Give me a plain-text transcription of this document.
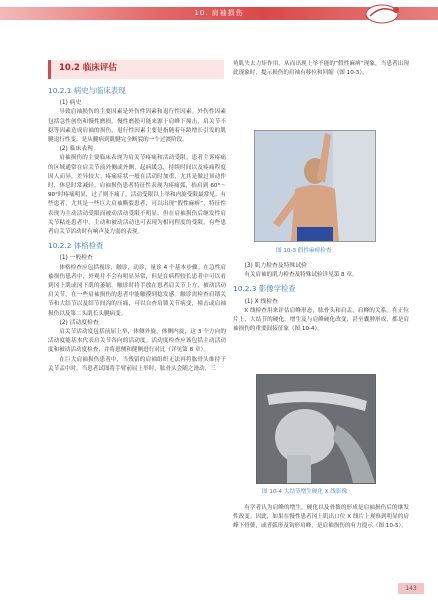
10. 肩袖损伤
10.2 临床评估

10.2.1 病史与临床表现

(1) 病史

导致肩袖损伤的主要因素是外伤性因素和退行性因素。外伤性因素包括急性创伤和慢性磨损。慢性磨损可能来源于肩峰下撞击，肩关节不稳等因素造成肩袖的损伤。退行性因素主要是指随着年龄增长引发的肌腱退行性变，是从腱病到肌腱完全断裂的一个过渡阶段。

(2) 临床表现

肩袖损伤的主要临床表现为肩关节疼痛和活动受限。患者主诉疼痛的区域通常在肩关节前外侧或外侧，起病缓急，持续时间以及疼痛程度因人而异，差异较大。疼痛症状一般在活动时加重，尤其是做过顶动作时，休息时常减轻。肩袖损伤患者特征性表现为疼痛弧，抬肩到 60°～90°时疼痛明显，过了则不痛了。活动受限以上举和内旋受限最常见。有些患者，尤其是一些巨大肩袖撕裂患者，可以出现“假性麻痹”，特征性表现为主动活动受限而被动活动受限不明显，但在肩袖损伤后继发性肩关节粘连患者中，主动和被动活动也可表现为相同程度的受限。有些患者肩关节活动时有响声及力弱的表现。

10.2.2 体格检查

(1) 一般检查

体格检查应包括视诊，触诊，动诊，量诊 4 个基本步骤。在急性肩袖损伤患者中，外观并不会有明显异常，但是在病程较长患者中可以看到冈上肌或冈下肌的萎缩。触诊时将手放在患者肩关节上方，被动活动肩关节，在一些肩袖损伤的患者中能触摸到捻发感。触诊需检查肩锁关节和大结节以及结节间沟的压痛，可以自查肩锁关节病变，撞击或肩袖损伤以及第二头肌长头腱病变。

(2) 活动度检查

肩关节活动度包括前屈上举，体侧外旋，体侧内旋，这 3 个方向的活动度能基本代表肩关节各向的活动度。活动度检查应该包括主动活动度和被动活动度检查，并将患侧和健侧进行对比（详见第 8 章）。

在巨大肩袖损伤患者中，当残留的肩袖组织无法再将肱骨头维持于关节盂中时，当患者试图将手臂前屈上举时，肱骨头会随之滑动，三

角肌失去力矩作用，从而出现上举不能的“假性麻痹”现象，当患者出现此现象时，提示损伤的肩袖有移位和回缩（图 10-3）。

图 10-3 假性麻痹检查

(3) 肌力检查及特殊试验

有关肩袖的肌力检查及特殊试验详见第 8 章。

10.2.3 影像学检查

(1) X 线检查

X 线检查用来评估肩峰形态，肱骨头和肩盂，肩峰的关系。在正位片上，大结节的硬化，增生及与肩峰硬化改变，甚至囊肿形成，都是肩袖损伤的重要间接征象（图 10-4）。

图 10-4 大结节增生硬化 X 线影像

有学者认为肩峰的增生，硬化以及骨赘的形成是肩袖损伤后的继发性改变。因此，如果在慢性患者冈上肌出口位 X 线片上观察到明显的肩峰下骨赘，或者弧形及钩形肩峰，是肩袖损伤的有力提示（图 10-5）。

143
